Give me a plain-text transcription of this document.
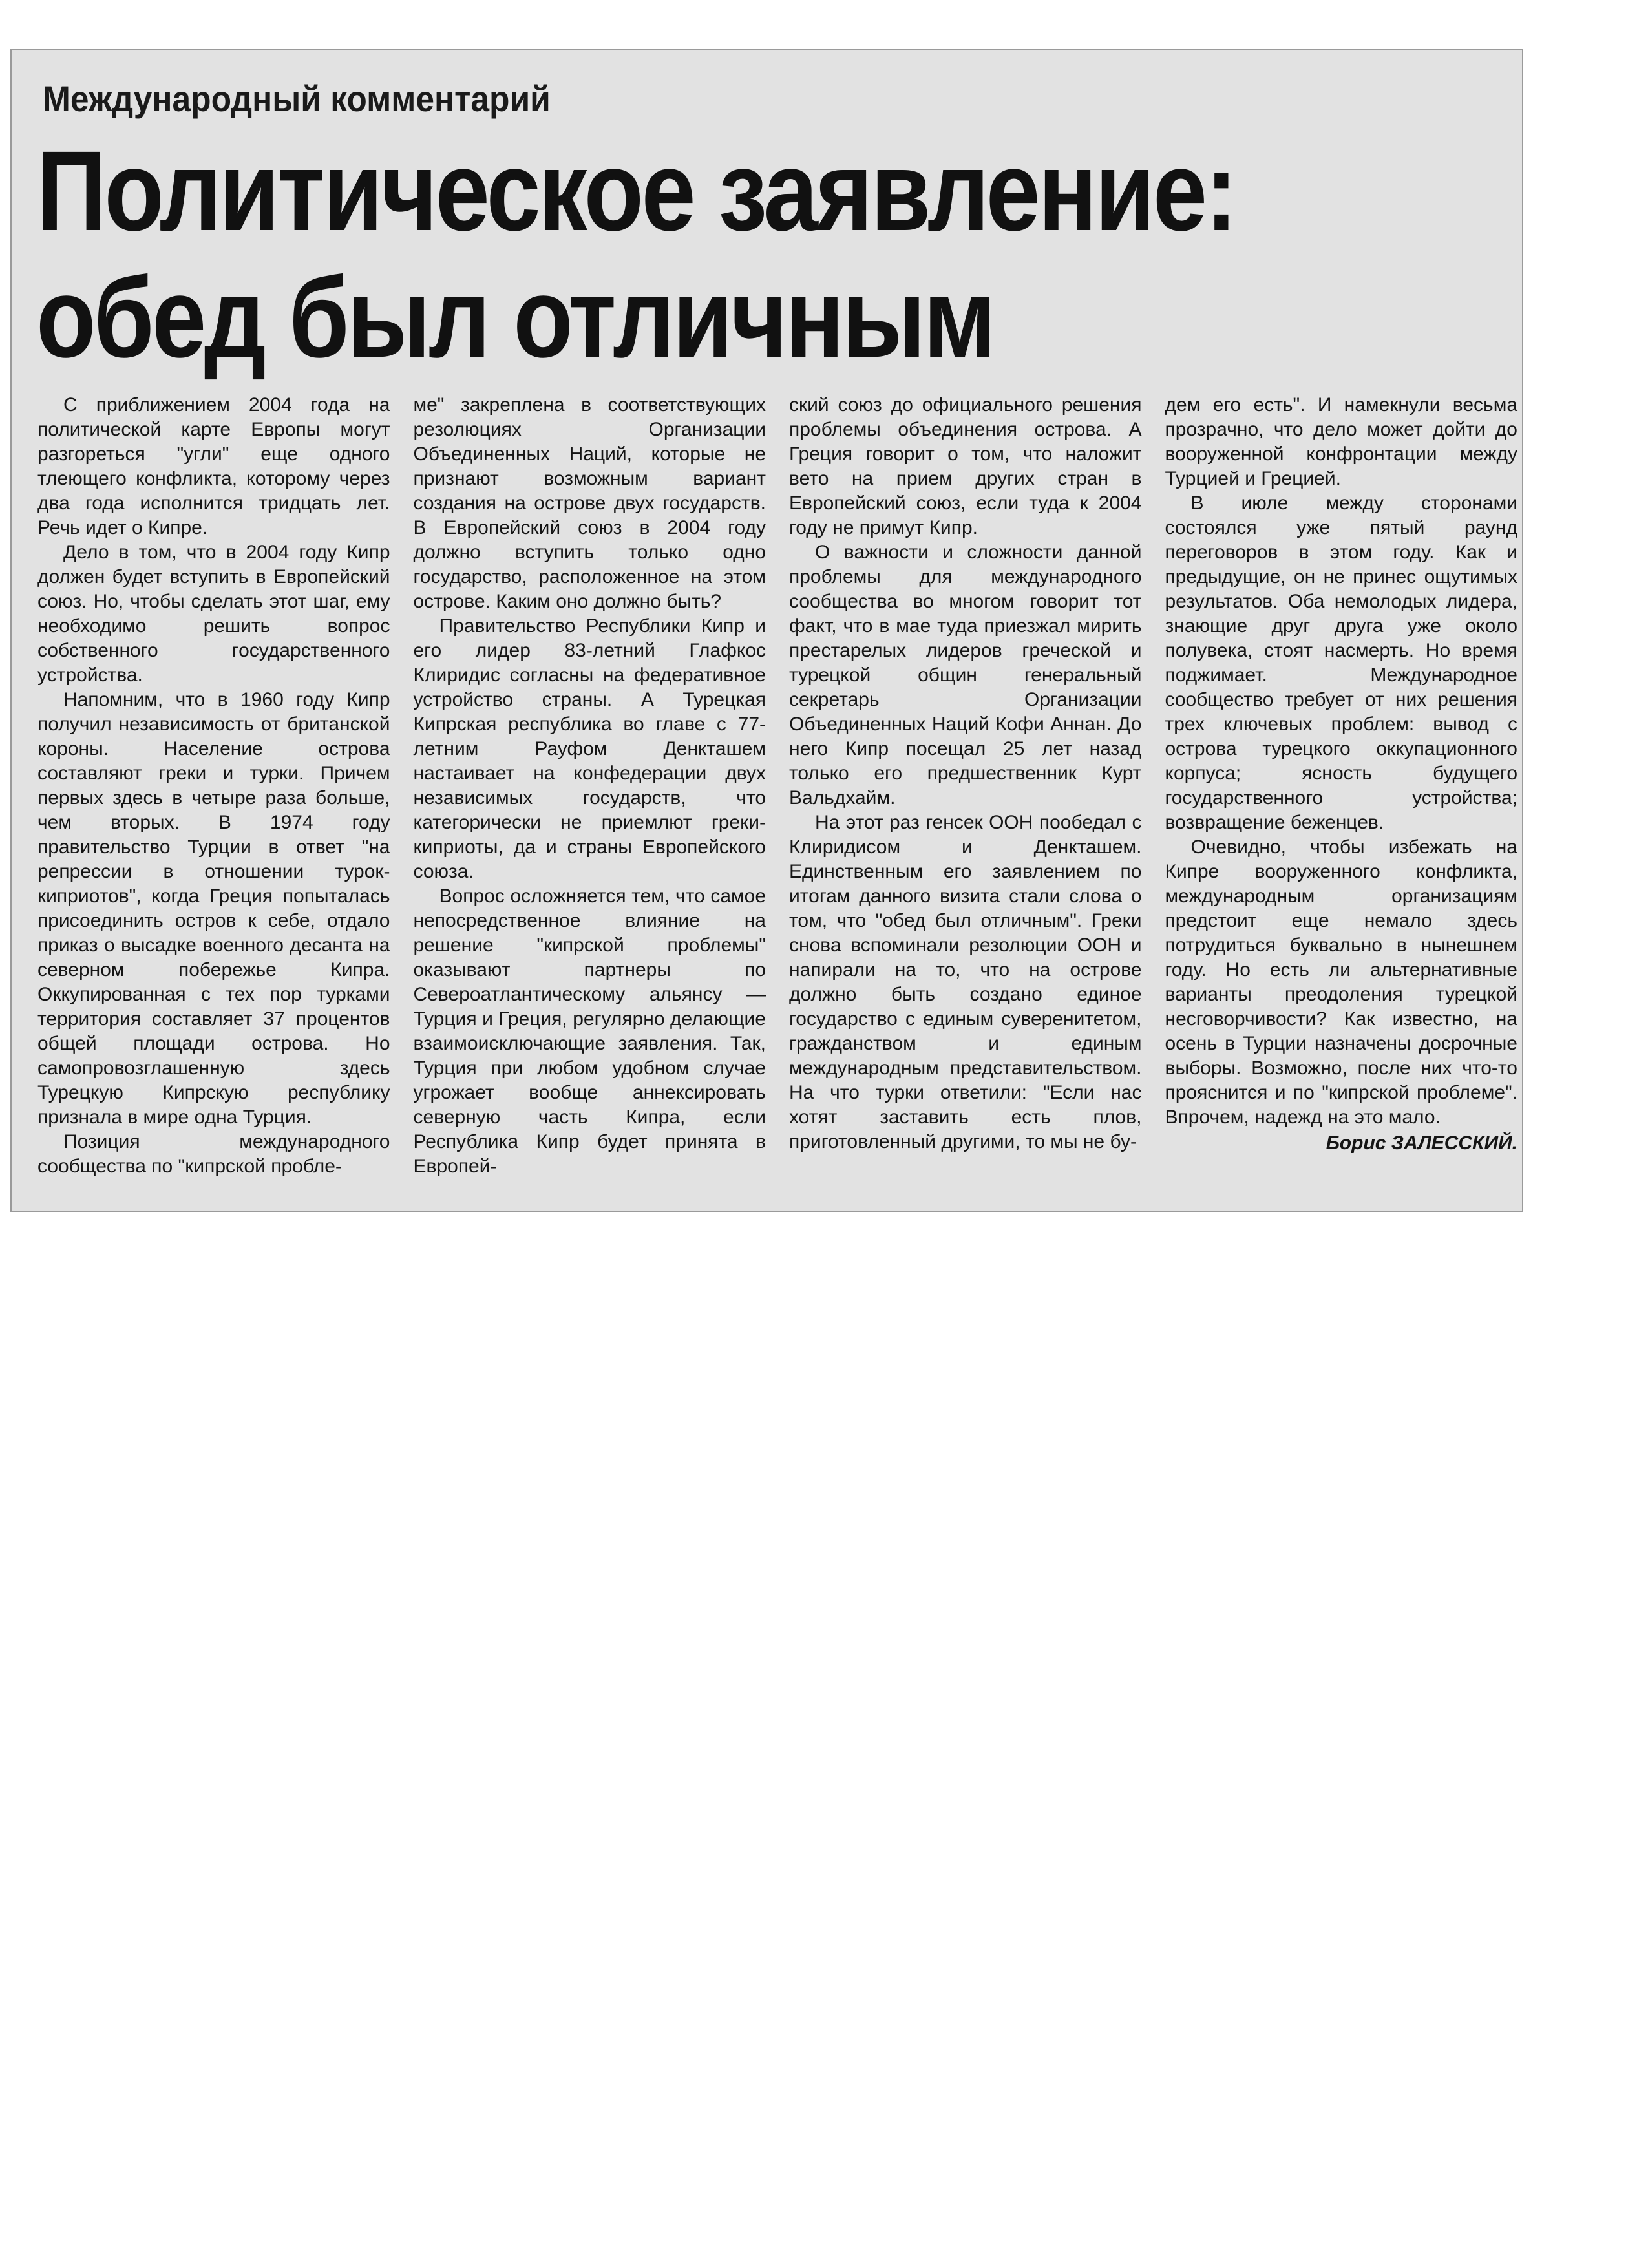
Международный комментарий
Политическое заявление:
обед был отличным

С приближением 2004 года на политической карте Европы могут разгореться "угли" еще одного тлеющего конфликта, которому через два года исполнится тридцать лет. Речь идет о Кипре.

Дело в том, что в 2004 году Кипр должен будет вступить в Европейский союз. Но, чтобы сделать этот шаг, ему необходимо решить вопрос собственного государственного устройства.

Напомним, что в 1960 году Кипр получил независимость от британской короны. Население острова составляют греки и турки. Причем первых здесь в четыре раза больше, чем вторых. В 1974 году правительство Турции в ответ "на репрессии в отношении турок-киприотов", когда Греция попыталась присоединить остров к себе, отдало приказ о высадке военного десанта на северном побережье Кипра. Оккупированная с тех пор турками территория составляет 37 процентов общей площади острова. Но самопровозглашенную здесь Турецкую Кипрскую республику признала в мире одна Турция.

Позиция международного сообщества по "кипрской пробле-

ме" закреплена в соответствующих резолюциях Организации Объединенных Наций, которые не признают возможным вариант создания на острове двух государств. В Европейский союз в 2004 году должно вступить только одно государство, расположенное на этом острове. Каким оно должно быть?

Правительство Республики Кипр и его лидер 83-летний Глафкос Клиридис согласны на федеративное устройство страны. А Турецкая Кипрская республика во главе с 77-летним Рауфом Денкташем настаивает на конфедерации двух независимых государств, что категорически не приемлют греки-киприоты, да и страны Европейского союза.

Вопрос осложняется тем, что самое непосредственное влияние на решение "кипрской проблемы" оказывают партнеры по Североатлантическому альянсу — Турция и Греция, регулярно делающие взаимоисключающие заявления. Так, Турция при любом удобном случае угрожает вообще аннексировать северную часть Кипра, если Республика Кипр будет принята в Европей-

ский союз до официального решения проблемы объединения острова. А Греция говорит о том, что наложит вето на прием других стран в Европейский союз, если туда к 2004 году не примут Кипр.

О важности и сложности данной проблемы для международного сообщества во многом говорит тот факт, что в мае туда приезжал мирить престарелых лидеров греческой и турецкой общин генеральный секретарь Организации Объединенных Наций Кофи Аннан. До него Кипр посещал 25 лет назад только его предшественник Курт Вальдхайм.

На этот раз генсек ООН пообедал с Клиридисом и Денкташем. Единственным его заявлением по итогам данного визита стали слова о том, что "обед был отличным". Греки снова вспоминали резолюции ООН и напирали на то, что на острове должно быть создано единое государство с единым суверенитетом, гражданством и единым международным представительством. На что турки ответили: "Если нас хотят заставить есть плов, приготовленный другими, то мы не бу-

дем его есть". И намекнули весьма прозрачно, что дело может дойти до вооруженной конфронтации между Турцией и Грецией.

В июле между сторонами состоялся уже пятый раунд переговоров в этом году. Как и предыдущие, он не принес ощутимых результатов. Оба немолодых лидера, знающие друг друга уже около полувека, стоят насмерть. Но время поджимает. Международное сообщество требует от них решения трех ключевых проблем: вывод с острова турецкого оккупационного корпуса; ясность будущего государственного устройства; возвращение беженцев.

Очевидно, чтобы избежать на Кипре вооруженного конфликта, международным организациям предстоит еще немало здесь потрудиться буквально в нынешнем году. Но есть ли альтернативные варианты преодоления турецкой несговорчивости? Как известно, на осень в Турции назначены досрочные выборы. Возможно, после них что-то прояснится и по "кипрской проблеме". Впрочем, надежд на это мало.

Борис ЗАЛЕССКИЙ.
